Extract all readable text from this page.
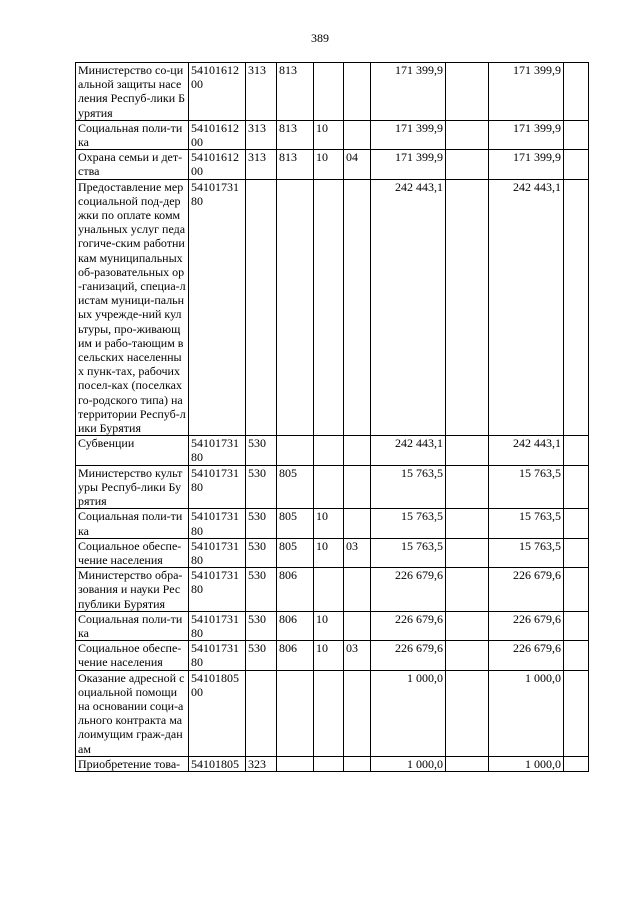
389
Министерство со-циальной защиты населения Респуб-лики Бурятия	5410161200	313	813			171 399,9		171 399,9	
Социальная поли-тика	5410161200	313	813	10		171 399,9		171 399,9	
Охрана семьи и дет-ства	5410161200	313	813	10	04	171 399,9		171 399,9	
Предоставление мер социальной под-держки по оплате коммунальных услуг педагогиче-ским работникам муниципальных об-разовательных ор-ганизаций, специа-листам муници-пальных учрежде-ний культуры, про-живающим и рабо-тающим в сельских населенных пунк-тах, рабочих посел-ках (поселках го-родского типа) на территории Респуб-лики Бурятия	5410173180					242 443,1		242 443,1	
Субвенции	5410173180	530				242 443,1		242 443,1	
Министерство культуры Респуб-лики Бурятия	5410173180	530	805			15 763,5		15 763,5	
Социальная поли-тика	5410173180	530	805	10		15 763,5		15 763,5	
Социальное обеспе-чение населения	5410173180	530	805	10	03	15 763,5		15 763,5	
Министерство обра-зования и науки Республики Бурятия	5410173180	530	806			226 679,6		226 679,6	
Социальная поли-тика	5410173180	530	806	10		226 679,6		226 679,6	
Социальное обеспе-чение населения	5410173180	530	806	10	03	226 679,6		226 679,6	
Оказание адресной социальной помощи на основании соци-ального контракта малоимущим граж-данам	5410180500					1 000,0		1 000,0	
Приобретение това-	54101805	323				1 000,0		1 000,0	
